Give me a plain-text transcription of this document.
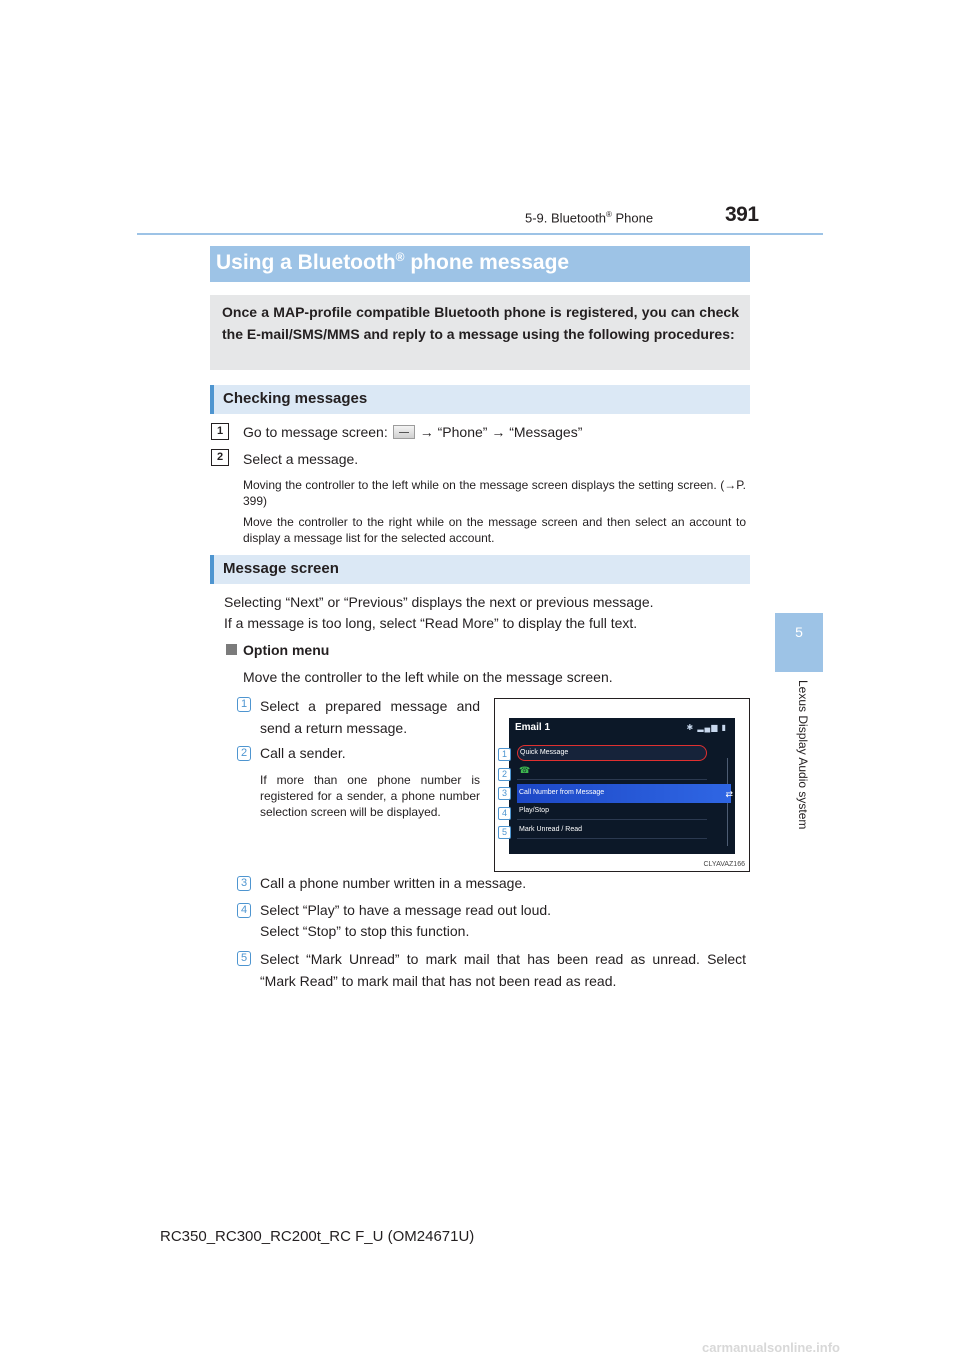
5-9. Bluetooth® Phone	391
5
Lexus Display Audio system
Using a Bluetooth® phone message
Once a MAP-profile compatible Bluetooth phone is registered, you can check the E-mail/SMS/MMS and reply to a message using the following procedures:
Checking messages
1	Go to message screen: → “Phone” → “Messages”
2	Select a message.
Moving the controller to the left while on the message screen displays the setting screen. (→P. 399)
Move the controller to the right while on the message screen and then select an account to display a message list for the selected account.
Message screen
Selecting “Next” or “Previous” displays the next or previous message.
If a message is too long, select “Read More” to display the full text.
Option menu
Move the controller to the left while on the message screen.
1 Select a prepared message and send a return message.
2 Call a sender.
If more than one phone number is registered for a sender, a phone number selection screen will be displayed.
Email 1	✱ ▂▄▆ ▮
Quick Message
☎
Call Number from Message	⇄
Play/Stop
Mark Unread / Read
1
2
3
4
5
CLYAVAZ166
3 Call a phone number written in a message.
4 Select “Play” to have a message read out loud.
Select “Stop” to stop this function.
5 Select “Mark Unread” to mark mail that has been read as unread. Select “Mark Read” to mark mail that has not been read as read.
RC350_RC300_RC200t_RC F_U (OM24671U)
carmanualsonline.info
